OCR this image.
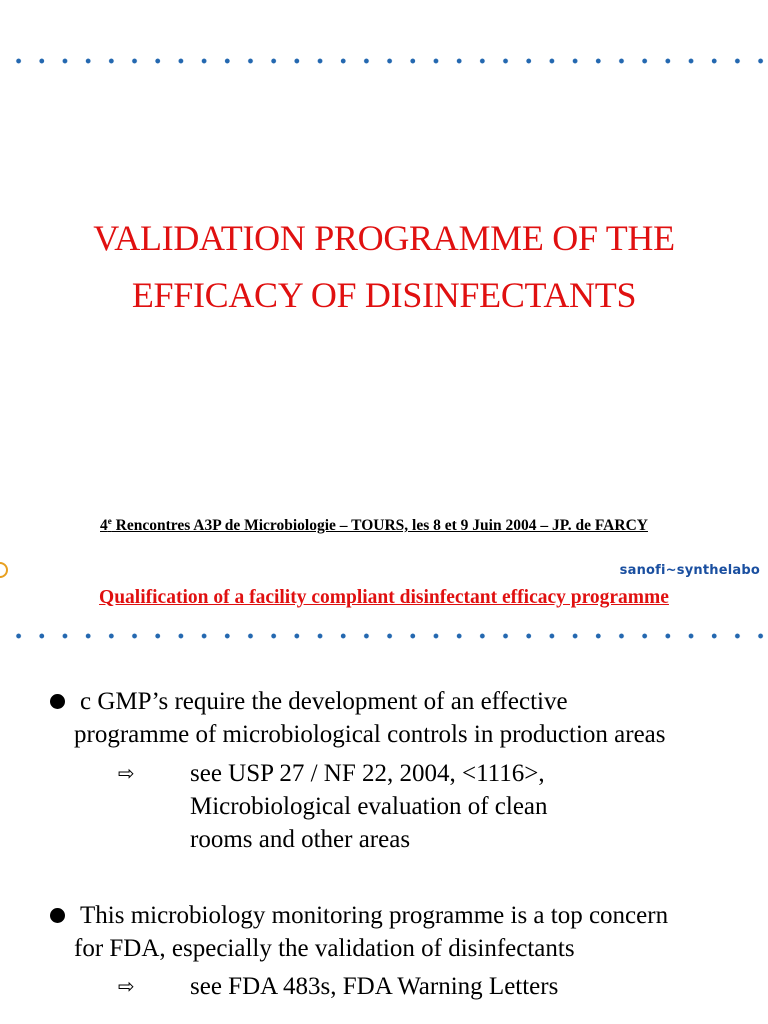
VALIDATION PROGRAMME OF THE
EFFICACY OF DISINFECTANTS
4e Rencontres A3P de Microbiologie – TOURS, les 8 et 9 Juin 2004 – JP. de FARCY
sanofi~synthelabo
Qualification of a facility compliant disinfectant efficacy programme
c GMP’s require the development of an effective
programme of microbiological controls in production areas
⇨ see USP 27 / NF 22, 2004, <1116>,
Microbiological evaluation of clean
rooms and other areas
This microbiology monitoring programme is a top concern
for FDA, especially the validation of disinfectants
⇨ see FDA 483s, FDA Warning Letters
